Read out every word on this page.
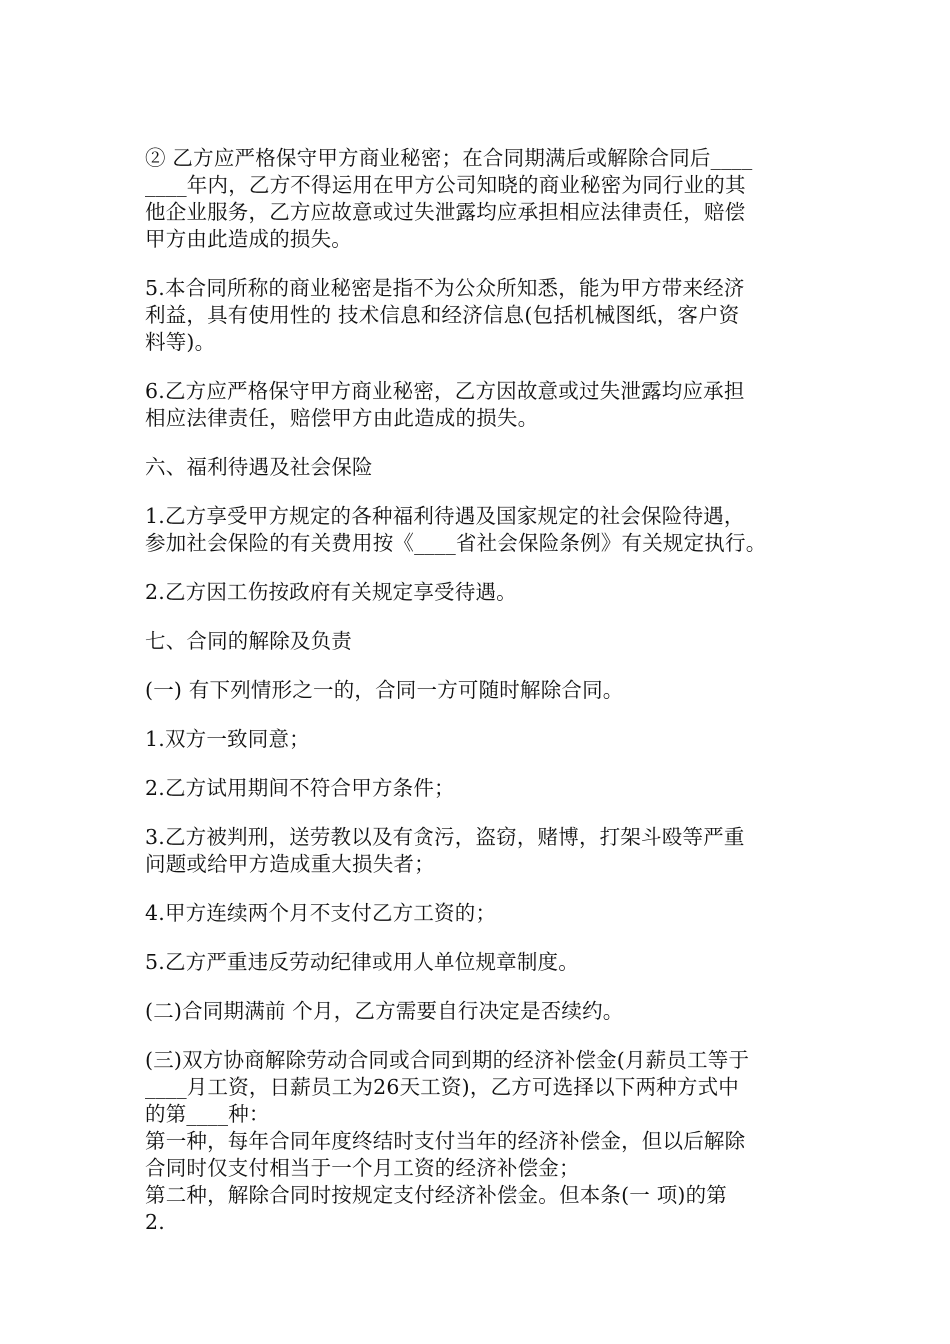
② 乙方应严格保守甲方商业秘密；在合同期满后或解除合同后____
____年内，乙方不得运用在甲方公司知晓的商业秘密为同行业的其
他企业服务，乙方应故意或过失泄露均应承担相应法律责任，赔偿
甲方由此造成的损失。
5.本合同所称的商业秘密是指不为公众所知悉，能为甲方带来经济
利益，具有使用性的 技术信息和经济信息(包括机械图纸，客户资
料等)。
6.乙方应严格保守甲方商业秘密，乙方因故意或过失泄露均应承担
相应法律责任，赔偿甲方由此造成的损失。
六、福利待遇及社会保险
1.乙方享受甲方规定的各种福利待遇及国家规定的社会保险待遇，
参加社会保险的有关费用按《____省社会保险条例》有关规定执行。
2.乙方因工伤按政府有关规定享受待遇。
七、合同的解除及负责
(一) 有下列情形之一的，合同一方可随时解除合同。
1.双方一致同意；
2.乙方试用期间不符合甲方条件；
3.乙方被判刑，送劳教以及有贪污，盗窃，赌博，打架斗殴等严重
问题或给甲方造成重大损失者；
4.甲方连续两个月不支付乙方工资的；
5.乙方严重违反劳动纪律或用人单位规章制度。
(二)合同期满前 个月，乙方需要自行决定是否续约。
(三)双方协商解除劳动合同或合同到期的经济补偿金(月薪员工等于
____月工资，日薪员工为26天工资)，乙方可选择以下两种方式中
的第____种：
第一种，每年合同年度终结时支付当年的经济补偿金，但以后解除
合同时仅支付相当于一个月工资的经济补偿金；
第二种，解除合同时按规定支付经济补偿金。但本条(一 项)的第
2.
